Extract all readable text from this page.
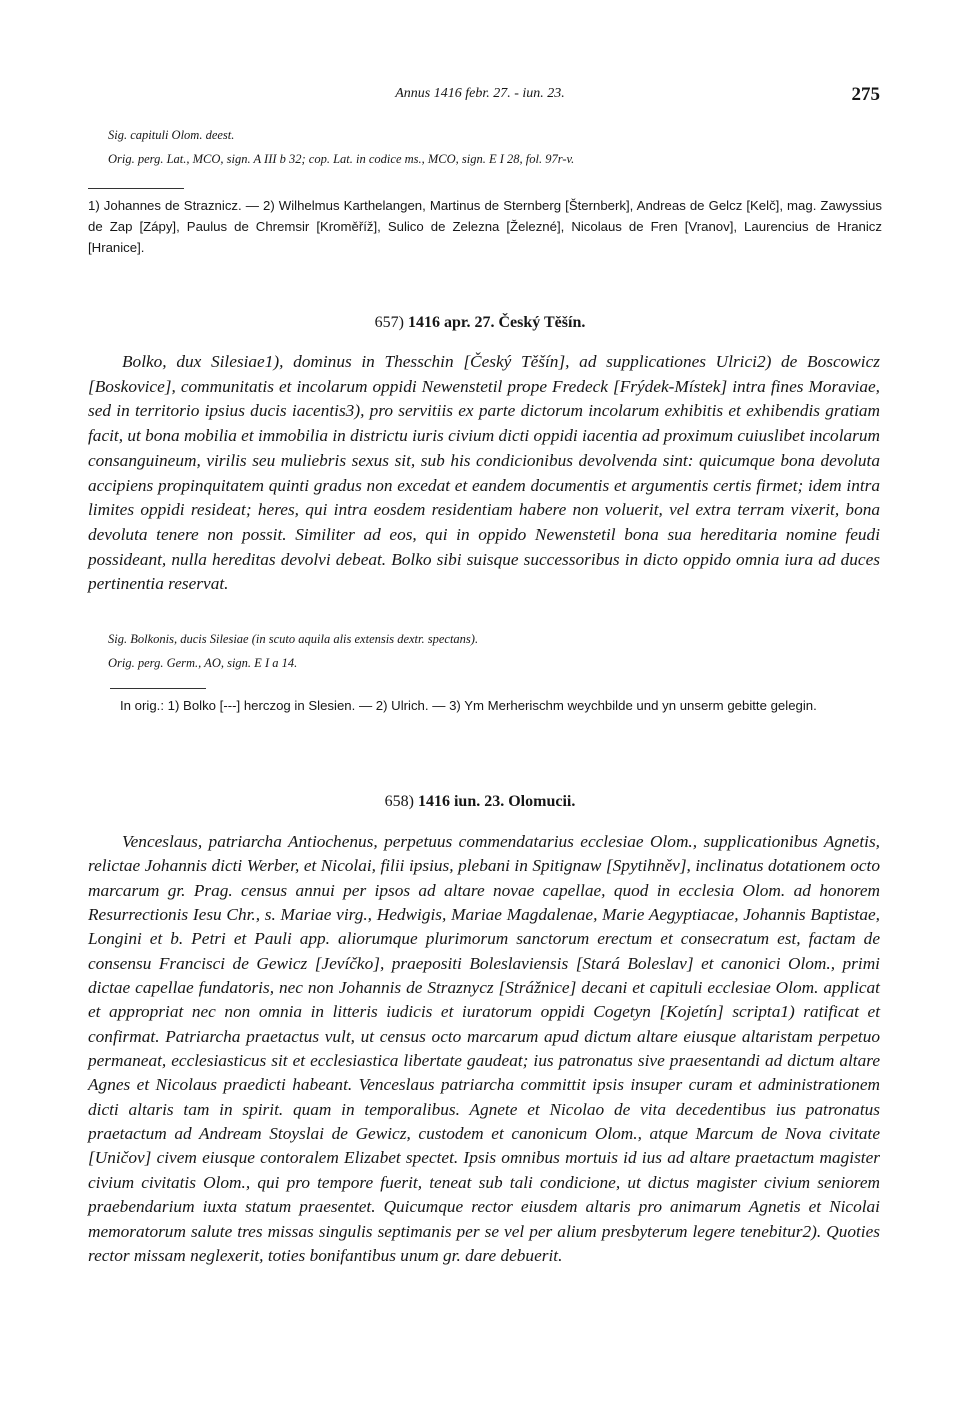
Annus 1416 febr. 27. - iun. 23.	275
Sig. capituli Olom. deest.
Orig. perg. Lat., MCO, sign. A III b 32; cop. Lat. in codice ms., MCO, sign. E I 28, fol. 97r-v.
1) Johannes de Straznicz. — 2) Wilhelmus Karthelangen, Martinus de Sternberg [Šternberk], Andreas de Gelcz [Kelč], mag. Zawyssius de Zap [Zápy], Paulus de Chremsir [Kroměříž], Sulico de Zelezna [Železné], Nicolaus de Fren [Vranov], Laurencius de Hranicz [Hranice].
657) 1416 apr. 27. Český Těšín.
Bolko, dux Silesiae1), dominus in Thesschin [Český Těšín], ad supplicationes Ulrici2) de Boscowicz [Boskovice], communitatis et incolarum oppidi Newenstetil prope Fredeck [Frýdek-Místek] intra fines Moraviae, sed in territorio ipsius ducis iacentis3), pro servitiis ex parte dictorum incolarum exhibitis et exhibendis gratiam facit, ut bona mobilia et immobilia in districtu iuris civium dicti oppidi iacentia ad proximum cuiuslibet incolarum consanguineum, virilis seu muliebris sexus sit, sub his condicionibus devolvenda sint: quicumque bona devoluta accipiens propinquitatem quinti gradus non excedat et eandem documentis et argumentis certis firmet; idem intra limites oppidi resideat; heres, qui intra eosdem residentiam habere non voluerit, vel extra terram vixerit, bona devoluta tenere non possit. Similiter ad eos, qui in oppido Newenstetil bona sua hereditaria nomine feudi possideant, nulla hereditas devolvi debeat. Bolko sibi suisque successoribus in dicto oppido omnia iura ad duces pertinentia reservat.
Sig. Bolkonis, ducis Silesiae (in scuto aquila alis extensis dextr. spectans).
Orig. perg. Germ., AO, sign. E I a 14.
In orig.: 1) Bolko [---] herczog in Slesien. — 2) Ulrich. — 3) Ym Merherischm weychbilde und yn unserm gebitte gelegin.
658) 1416 iun. 23. Olomucii.
Venceslaus, patriarcha Antiochenus, perpetuus commendatarius ecclesiae Olom., supplicationibus Agnetis, relictae Johannis dicti Werber, et Nicolai, filii ipsius, plebani in Spitignaw [Spytihněv], inclinatus dotationem octo marcarum gr. Prag. census annui per ipsos ad altare novae capellae, quod in ecclesia Olom. ad honorem Resurrectionis Iesu Chr., s. Mariae virg., Hedwigis, Mariae Magdalenae, Marie Aegyptiacae, Johannis Baptistae, Longini et b. Petri et Pauli app. aliorumque plurimorum sanctorum erectum et consecratum est, factam de consensu Francisci de Gewicz [Jevíčko], praepositi Boleslaviensis [Stará Boleslav] et canonici Olom., primi dictae capellae fundatoris, nec non Johannis de Straznycz [Strážnice] decani et capituli ecclesiae Olom. applicat et appropriat nec non omnia in litteris iudicis et iuratorum oppidi Cogetyn [Kojetín] scripta1) ratificat et confirmat. Patriarcha praetactus vult, ut census octo marcarum apud dictum altare eiusque altaristam perpetuo permaneat, ecclesiasticus sit et ecclesiastica libertate gaudeat; ius patronatus sive praesentandi ad dictum altare Agnes et Nicolaus praedicti habeant. Venceslaus patriarcha committit ipsis insuper curam et administrationem dicti altaris tam in spirit. quam in temporalibus. Agnete et Nicolao de vita decedentibus ius patronatus praetactum ad Andream Stoyslai de Gewicz, custodem et canonicum Olom., atque Marcum de Nova civitate [Uničov] civem eiusque contoralem Elizabet spectet. Ipsis omnibus mortuis id ius ad altare praetactum magister civium civitatis Olom., qui pro tempore fuerit, teneat sub tali condicione, ut dictus magister civium seniorem praebendarium iuxta statum praesentet. Quicumque rector eiusdem altaris pro animarum Agnetis et Nicolai memoratorum salute tres missas singulis septimanis per se vel per alium presbyterum legere tenebitur2). Quoties rector missam neglexerit, toties bonifantibus unum gr. dare debuerit.
